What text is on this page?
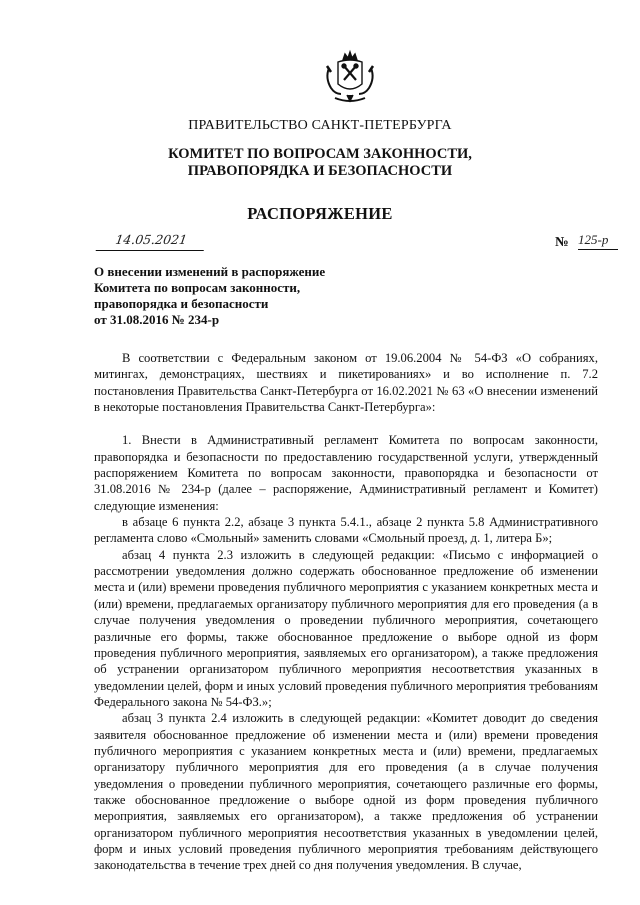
ПРАВИТЕЛЬСТВО САНКТ-ПЕТЕРБУРГА
КОМИТЕТ ПО ВОПРОСАМ ЗАКОННОСТИ,
ПРАВОПОРЯДКА И БЕЗОПАСНОСТИ
РАСПОРЯЖЕНИЕ
14.05.2021	№ 125-р
О внесении изменений в распоряжение
Комитета по вопросам законности,
правопорядка и безопасности
от 31.08.2016 № 234-р

В соответствии с Федеральным законом от 19.06.2004 № 54-ФЗ «О собраниях, митингах, демонстрациях, шествиях и пикетированиях» и во исполнение п. 7.2 постановления Правительства Санкт-Петербурга от 16.02.2021 № 63 «О внесении изменений в некоторые постановления Правительства Санкт-Петербурга»:

1. Внести в Административный регламент Комитета по вопросам законности, правопорядка и безопасности по предоставлению государственной услуги, утвержденный распоряжением Комитета по вопросам законности, правопорядка и безопасности от 31.08.2016 № 234-р (далее – распоряжение, Административный регламент и Комитет) следующие изменения:

в абзаце 6 пункта 2.2, абзаце 3 пункта 5.4.1., абзаце 2 пункта 5.8 Административного регламента слово «Смольный» заменить словами «Смольный проезд, д. 1, литера Б»;

абзац 4 пункта 2.3 изложить в следующей редакции: «Письмо с информацией о рассмотрении уведомления должно содержать обоснованное предложение об изменении места и (или) времени проведения публичного мероприятия с указанием конкретных места и (или) времени, предлагаемых организатору публичного мероприятия для его проведения (а в случае получения уведомления о проведении публичного мероприятия, сочетающего различные его формы, также обоснованное предложение о выборе одной из форм проведения публичного мероприятия, заявляемых его организатором), а также предложения об устранении организатором публичного мероприятия несоответствия указанных в уведомлении целей, форм и иных условий проведения публичного мероприятия требованиям Федерального закона № 54-ФЗ.»;

абзац 3 пункта 2.4 изложить в следующей редакции: «Комитет доводит до сведения заявителя обоснованное предложение об изменении места и (или) времени проведения публичного мероприятия с указанием конкретных места и (или) времени, предлагаемых организатору публичного мероприятия для его проведения (а в случае получения уведомления о проведении публичного мероприятия, сочетающего различные его формы, также обоснованное предложение о выборе одной из форм проведения публичного мероприятия, заявляемых его организатором), а также предложения об устранении организатором публичного мероприятия несоответствия указанных в уведомлении целей, форм и иных условий проведения публичного мероприятия требованиям действующего законодательства в течение трех дней со дня получения уведомления. В случае,
